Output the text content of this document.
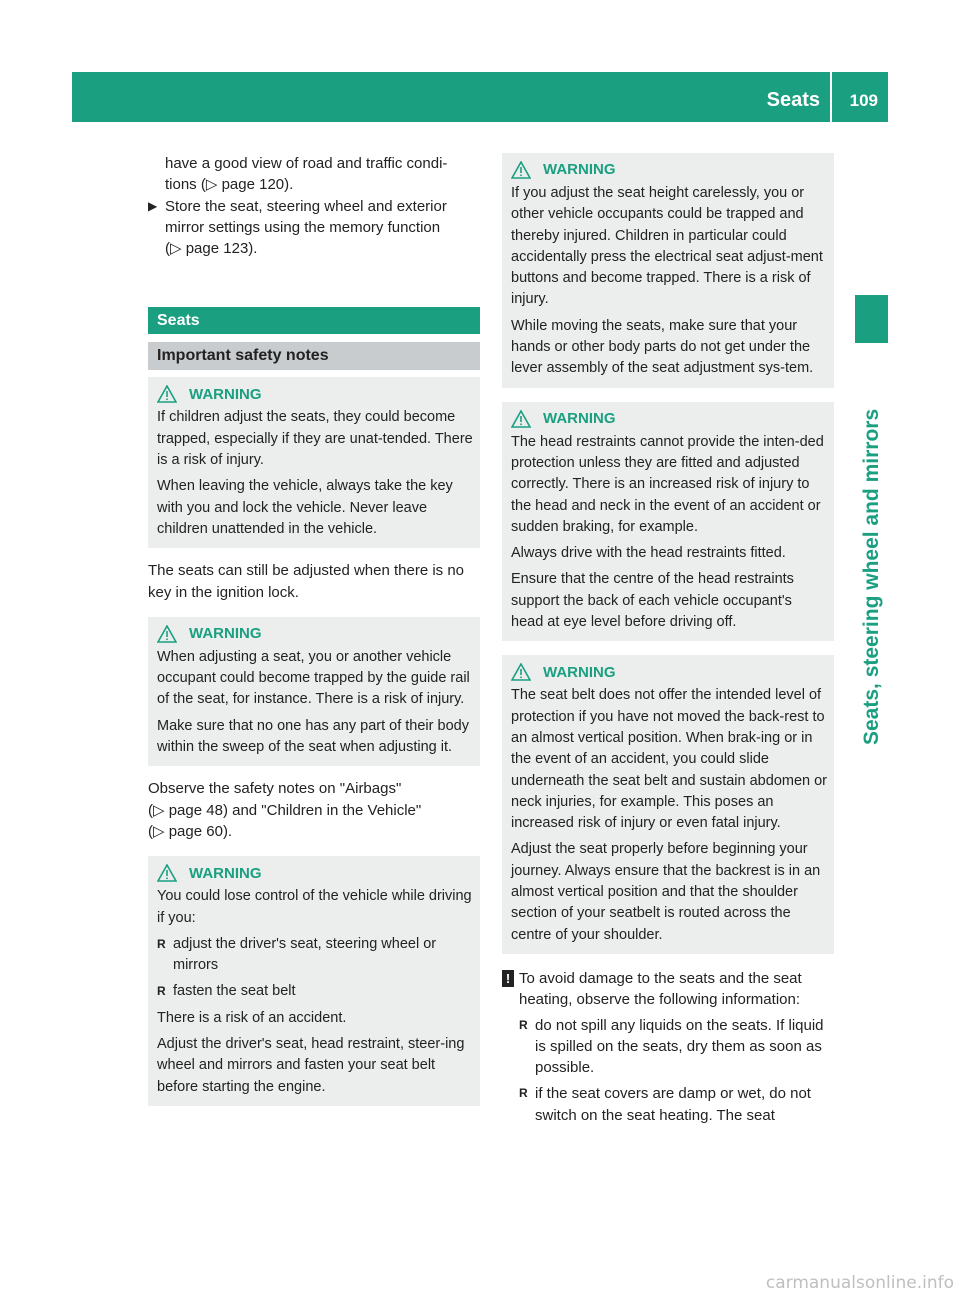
Seats 109
Seats, steering wheel and mirrors

have a good view of road and traffic condi-
tions (▷ page 120).

▶ Store the seat, steering wheel and exterior
mirror settings using the memory function
(▷ page 123).
Seats
Important safety notes
WARNING

If children adjust the seats, they could become trapped, especially if they are unat-tended. There is a risk of injury.

When leaving the vehicle, always take the key with you and lock the vehicle. Never leave children unattended in the vehicle.

The seats can still be adjusted when there is no key in the ignition lock.

WARNING

When adjusting a seat, you or another vehicle occupant could become trapped by the guide rail of the seat, for instance. There is a risk of injury.

Make sure that no one has any part of their body within the sweep of the seat when adjusting it.

Observe the safety notes on "Airbags"
(▷ page 48) and "Children in the Vehicle"
(▷ page 60).

WARNING

You could lose control of the vehicle while driving if you:

R adjust the driver's seat, steering wheel or mirrors
R fasten the seat belt

There is a risk of an accident.

Adjust the driver's seat, head restraint, steer-ing wheel and mirrors and fasten your seat belt before starting the engine.

WARNING

If you adjust the seat height carelessly, you or other vehicle occupants could be trapped and thereby injured. Children in particular could accidentally press the electrical seat adjust-ment buttons and become trapped. There is a risk of injury.

While moving the seats, make sure that your hands or other body parts do not get under the lever assembly of the seat adjustment sys-tem.

WARNING

The head restraints cannot provide the inten-ded protection unless they are fitted and adjusted correctly. There is an increased risk of injury to the head and neck in the event of an accident or sudden braking, for example.

Always drive with the head restraints fitted.

Ensure that the centre of the head restraints support the back of each vehicle occupant's head at eye level before driving off.

WARNING

The seat belt does not offer the intended level of protection if you have not moved the back-rest to an almost vertical position. When brak-ing or in the event of an accident, you could slide underneath the seat belt and sustain abdomen or neck injuries, for example. This poses an increased risk of injury or even fatal injury.

Adjust the seat properly before beginning your journey. Always ensure that the backrest is in an almost vertical position and that the shoulder section of your seatbelt is routed across the centre of your shoulder.

! To avoid damage to the seats and the seat heating, observe the following information:

R do not spill any liquids on the seats. If liquid is spilled on the seats, dry them as soon as possible.
R if the seat covers are damp or wet, do not switch on the seat heating. The seat
carmanualsonline.info
